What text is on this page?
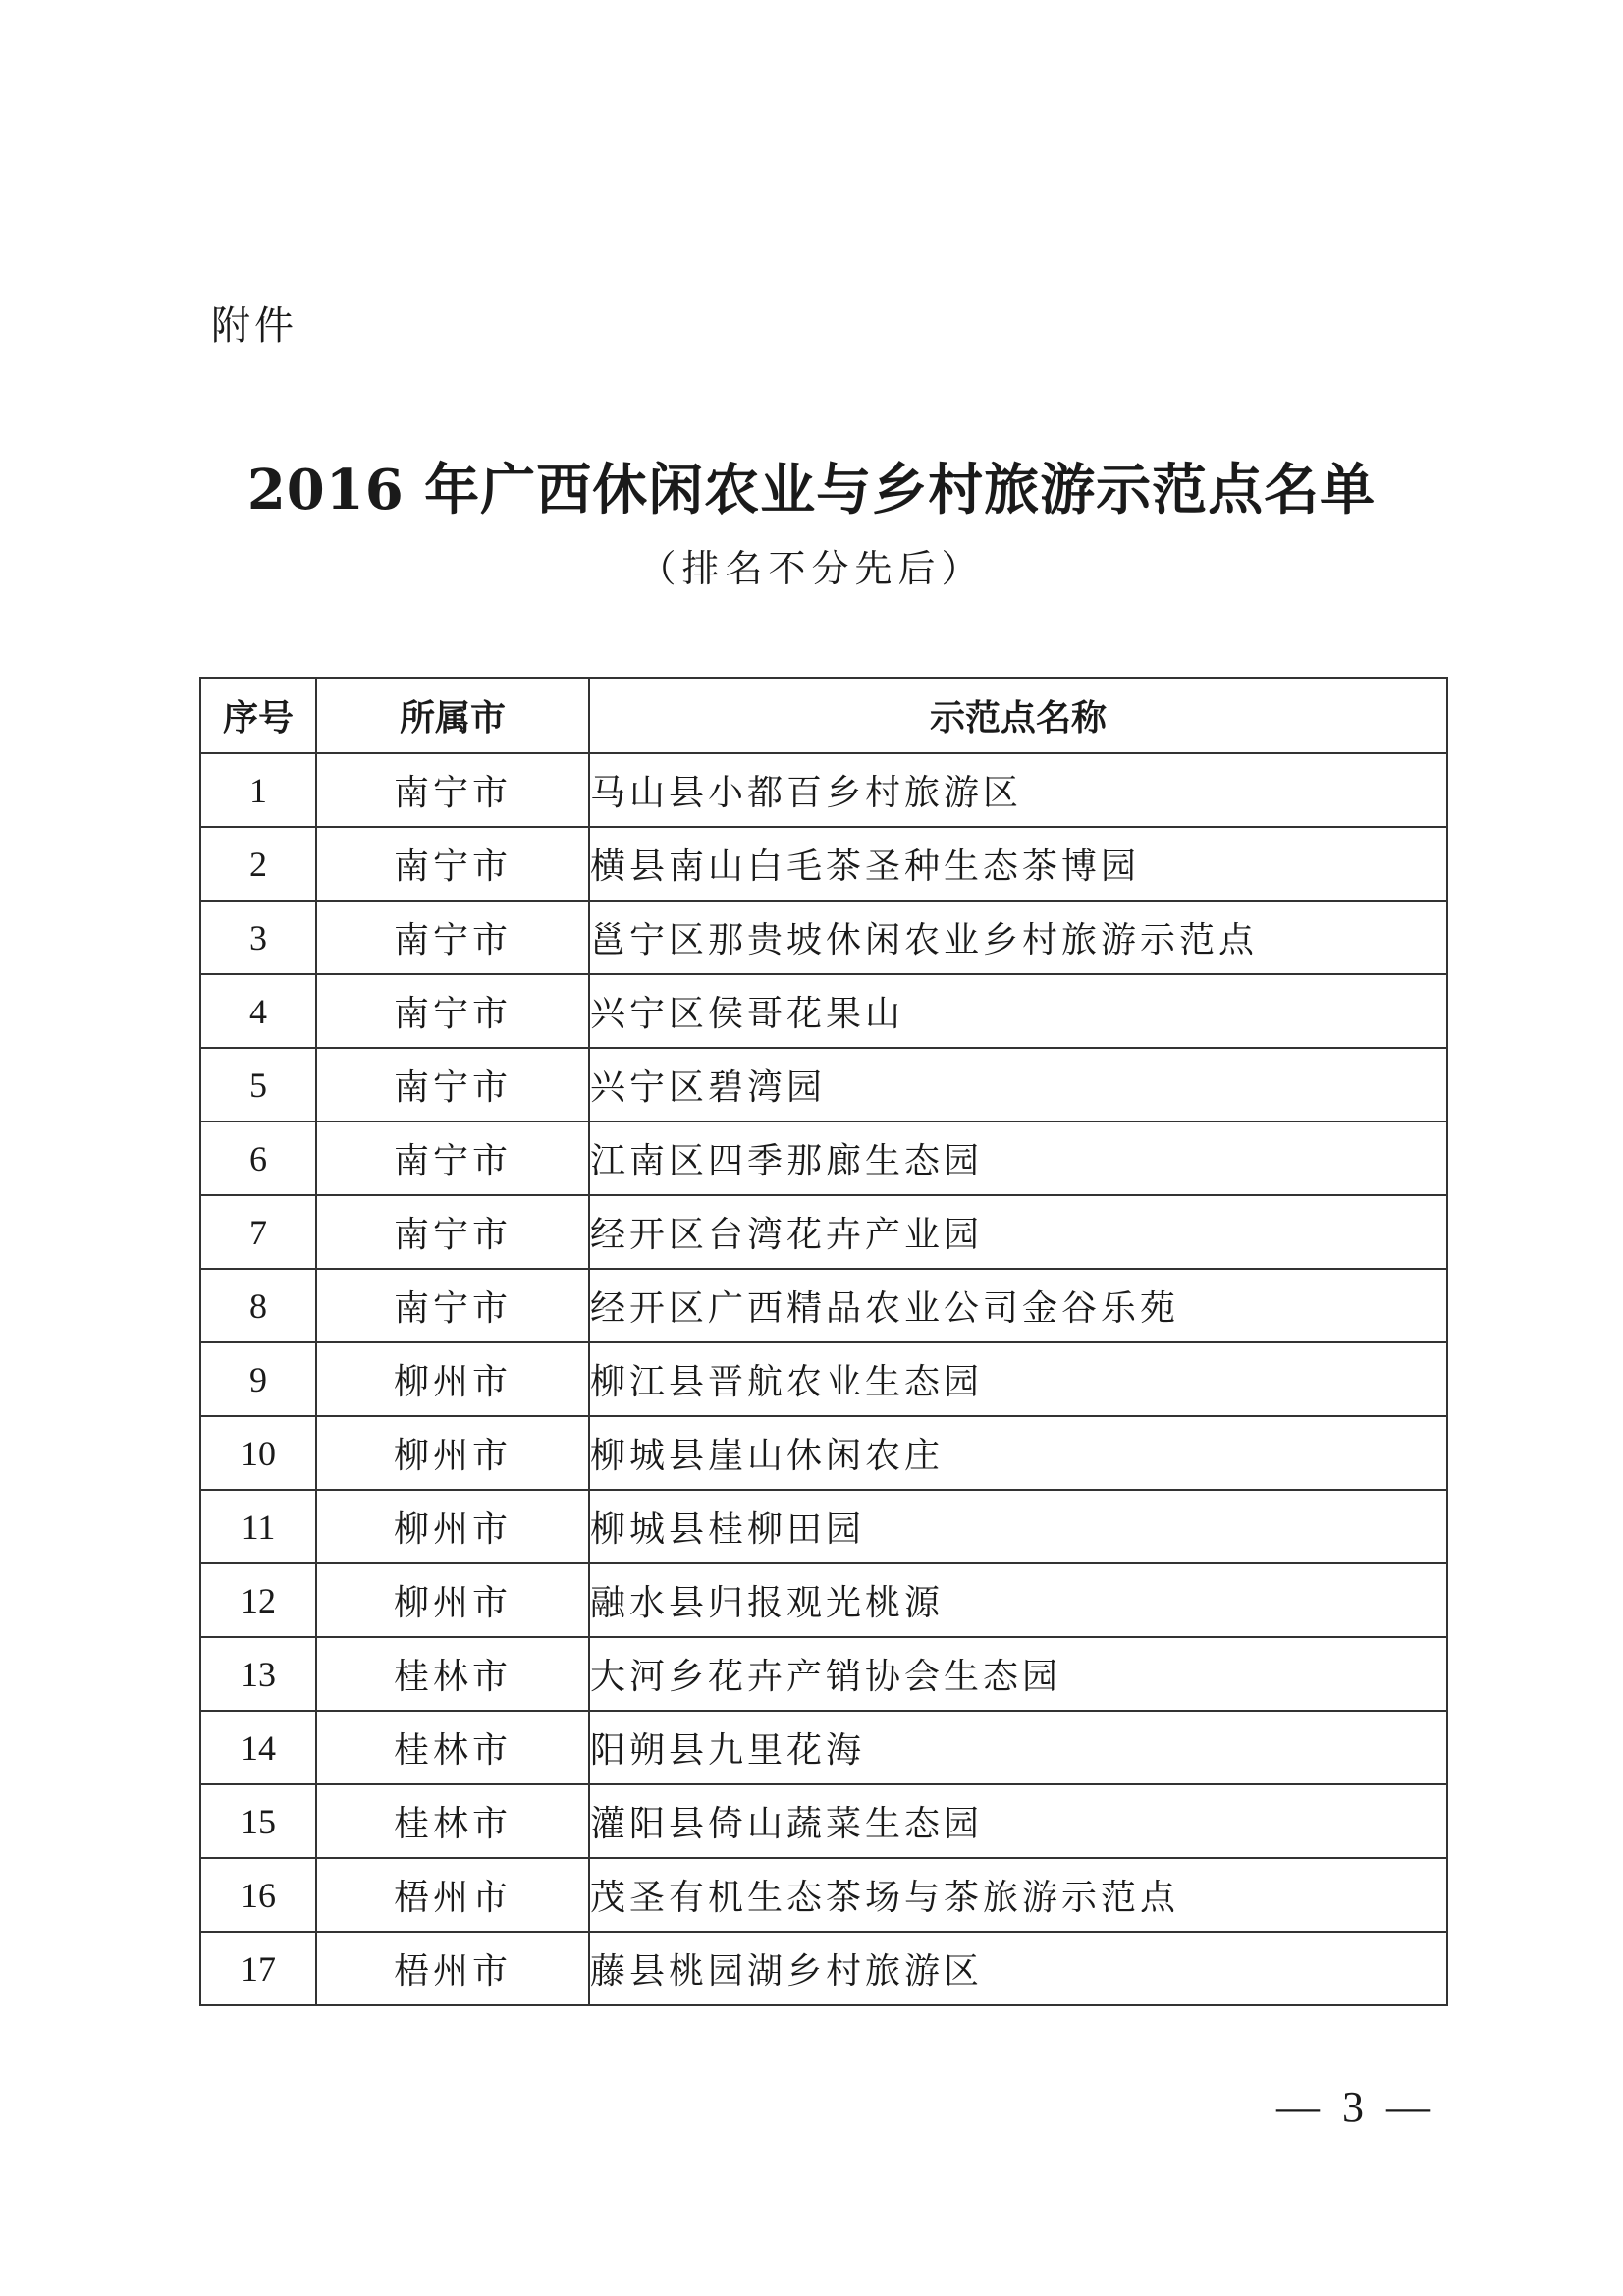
附件
2016 年广西休闲农业与乡村旅游示范点名单
（排名不分先后）
序号	所属市	示范点名称
1	南宁市	马山县小都百乡村旅游区
2	南宁市	横县南山白毛茶圣种生态茶博园
3	南宁市	邕宁区那贵坡休闲农业乡村旅游示范点
4	南宁市	兴宁区侯哥花果山
5	南宁市	兴宁区碧湾园
6	南宁市	江南区四季那廊生态园
7	南宁市	经开区台湾花卉产业园
8	南宁市	经开区广西精品农业公司金谷乐苑
9	柳州市	柳江县晋航农业生态园
10	柳州市	柳城县崖山休闲农庄
11	柳州市	柳城县桂柳田园
12	柳州市	融水县归报观光桃源
13	桂林市	大河乡花卉产销协会生态园
14	桂林市	阳朔县九里花海
15	桂林市	灌阳县倚山蔬菜生态园
16	梧州市	茂圣有机生态茶场与茶旅游示范点
17	梧州市	藤县桃园湖乡村旅游区
— 3 —
